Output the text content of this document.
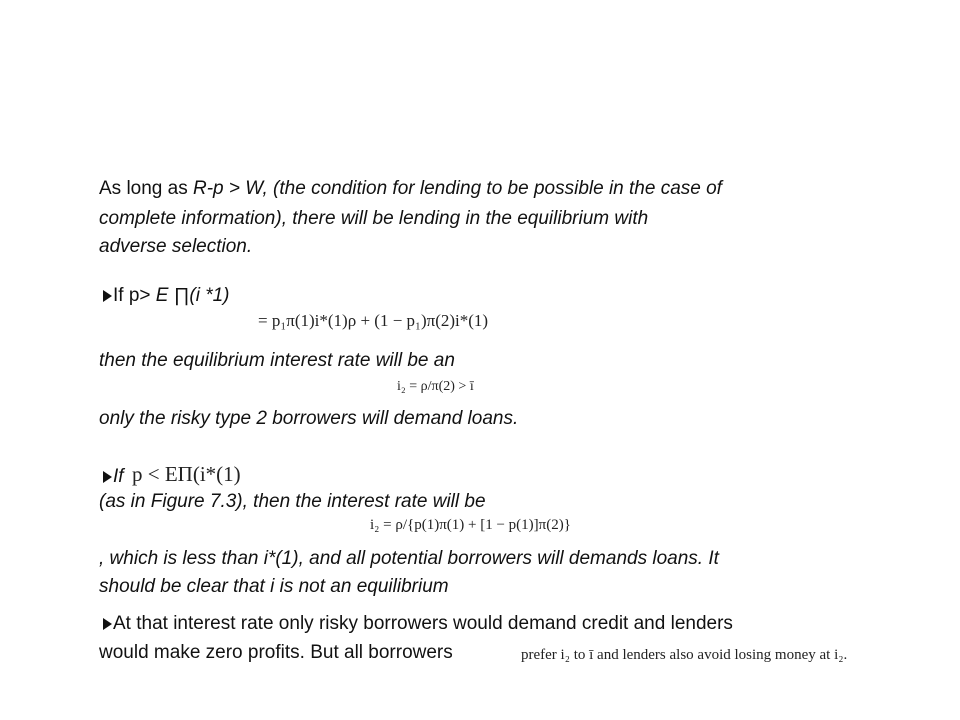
As long as R-p > W, (the condition for lending to be possible in the case of
complete information), there will be lending in the equilibrium with
adverse selection.
If p> E ∏(i *1)
= p₁π(1)i*(1)ρ + (1 − p₁)π(2)i*(1)
then the equilibrium interest rate will be an
i₂ = ρ/π(2) > ī
only the risky type 2 borrowers will demand loans.
If p < EΠ(i*(1)
(as in Figure 7.3), then the interest rate will be
i₂ = ρ/{p(1)π(1) + [1 − p(1)]π(2)}
, which is less than i*(1), and all potential borrowers will demands loans. It
should be clear that i is not an equilibrium
At that interest rate only risky borrowers would demand credit and lenders
would make zero profits. But all borrowers	prefer i₂ to ī and lenders also avoid losing money at i₂.
